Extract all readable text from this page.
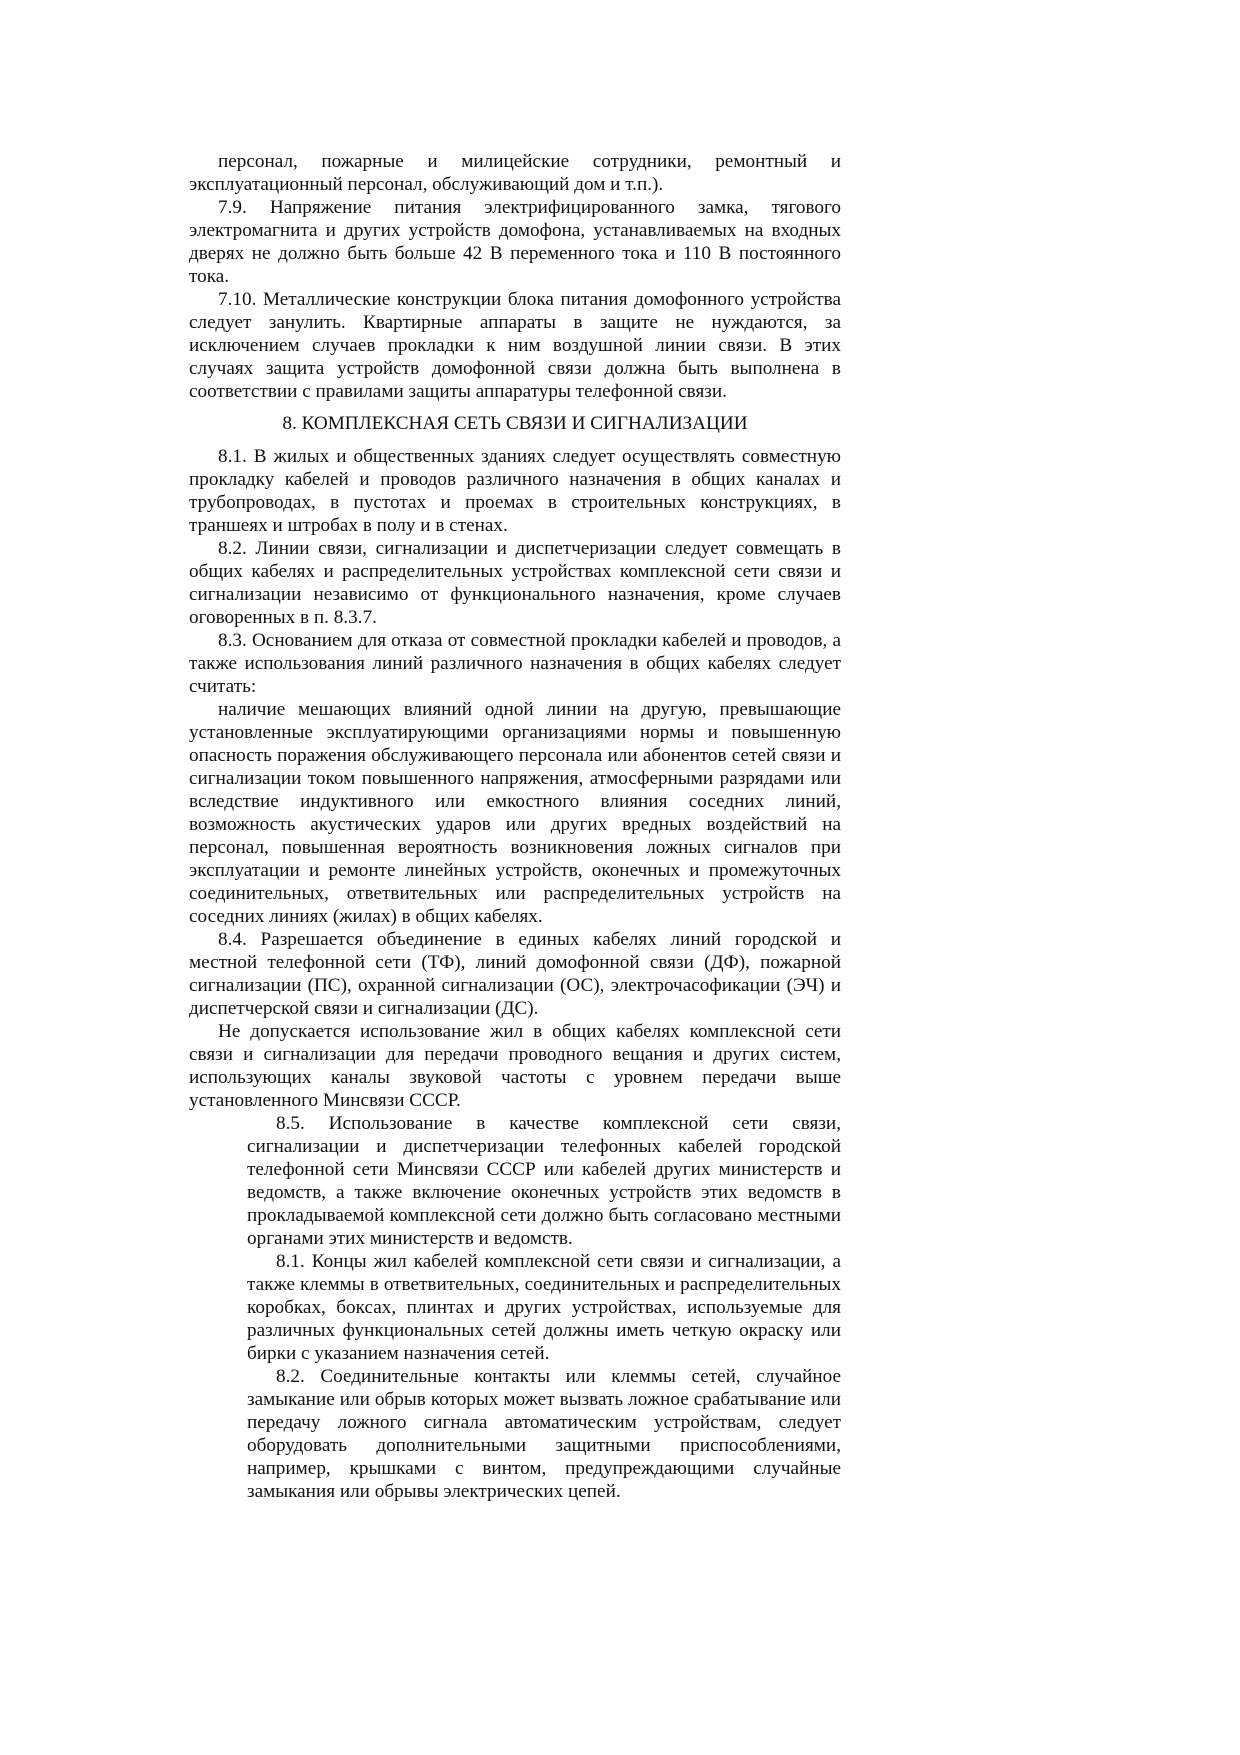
персонал, пожарные и милицейские сотрудники, ремонтный и эксплуатационный персонал, обслуживающий дом и т.п.).

7.9. Напряжение питания электрифицированного замка, тягового электромагнита и других устройств домофона, устанавливаемых на входных дверях не должно быть больше 42 В переменного тока и 110 В постоянного тока.

7.10. Металлические конструкции блока питания домофонного устройства следует занулить. Квартирные аппараты в защите не нуждаются, за исключением случаев прокладки к ним воздушной линии связи. В этих случаях защита устройств домофонной связи должна быть выполнена в соответствии с правилами защиты аппаратуры телефонной связи.

8. КОМПЛЕКСНАЯ СЕТЬ СВЯЗИ И СИГНАЛИЗАЦИИ

8.1. В жилых и общественных зданиях следует осуществлять совместную прокладку кабелей и проводов различного назначения в общих каналах и трубопроводах, в пустотах и проемах в строительных конструкциях, в траншеях и штробах в полу и в стенах.

8.2. Линии связи, сигнализации и диспетчеризации следует совмещать в общих кабелях и распределительных устройствах комплексной сети связи и сигнализации независимо от функционального назначения, кроме случаев оговоренных в п. 8.3.7.

8.3. Основанием для отказа от совместной прокладки кабелей и проводов, а также использования линий различного назначения в общих кабелях следует считать:

наличие мешающих влияний одной линии на другую, превышающие установленные эксплуатирующими организациями нормы и повышенную опасность поражения обслуживающего персонала или абонентов сетей связи и сигнализации током повышенного напряжения, атмосферными разрядами или вследствие индуктивного или емкостного влияния соседних линий, возможность акустических ударов или других вредных воздействий на персонал, повышенная вероятность возникновения ложных сигналов при эксплуатации и ремонте линейных устройств, оконечных и промежуточных соединительных, ответвительных или распределительных устройств на соседних линиях (жилах) в общих кабелях.

8.4. Разрешается объединение в единых кабелях линий городской и местной телефонной сети (ТФ), линий домофонной связи (ДФ), пожарной сигнализации (ПС), охранной сигнализации (ОС), электрочасофикации (ЭЧ) и диспетчерской связи и сигнализации (ДС).

Не допускается использование жил в общих кабелях комплексной сети связи и сигнализации для передачи проводного вещания и других систем, использующих каналы звуковой частоты с уровнем передачи выше установленного Минсвязи СССР.

8.5. Использование в качестве комплексной сети связи, сигнализации и диспетчеризации телефонных кабелей городской телефонной сети Минсвязи СССР или кабелей других министерств и ведомств, а также включение оконечных устройств этих ведомств в прокладываемой комплексной сети должно быть согласовано местными органами этих министерств и ведомств.

8.1. Концы жил кабелей комплексной сети связи и сигнализации, а также клеммы в ответвительных, соединительных и распределительных коробках, боксах, плинтах и других устройствах, используемые для различных функциональных сетей должны иметь четкую окраску или бирки с указанием назначения сетей.

8.2. Соединительные контакты или клеммы сетей, случайное замыкание или обрыв которых может вызвать ложное срабатывание или передачу ложного сигнала автоматическим устройствам, следует оборудовать дополнительными защитными приспособлениями, например, крышками с винтом, предупреждающими случайные замыкания или обрывы электрических цепей.
